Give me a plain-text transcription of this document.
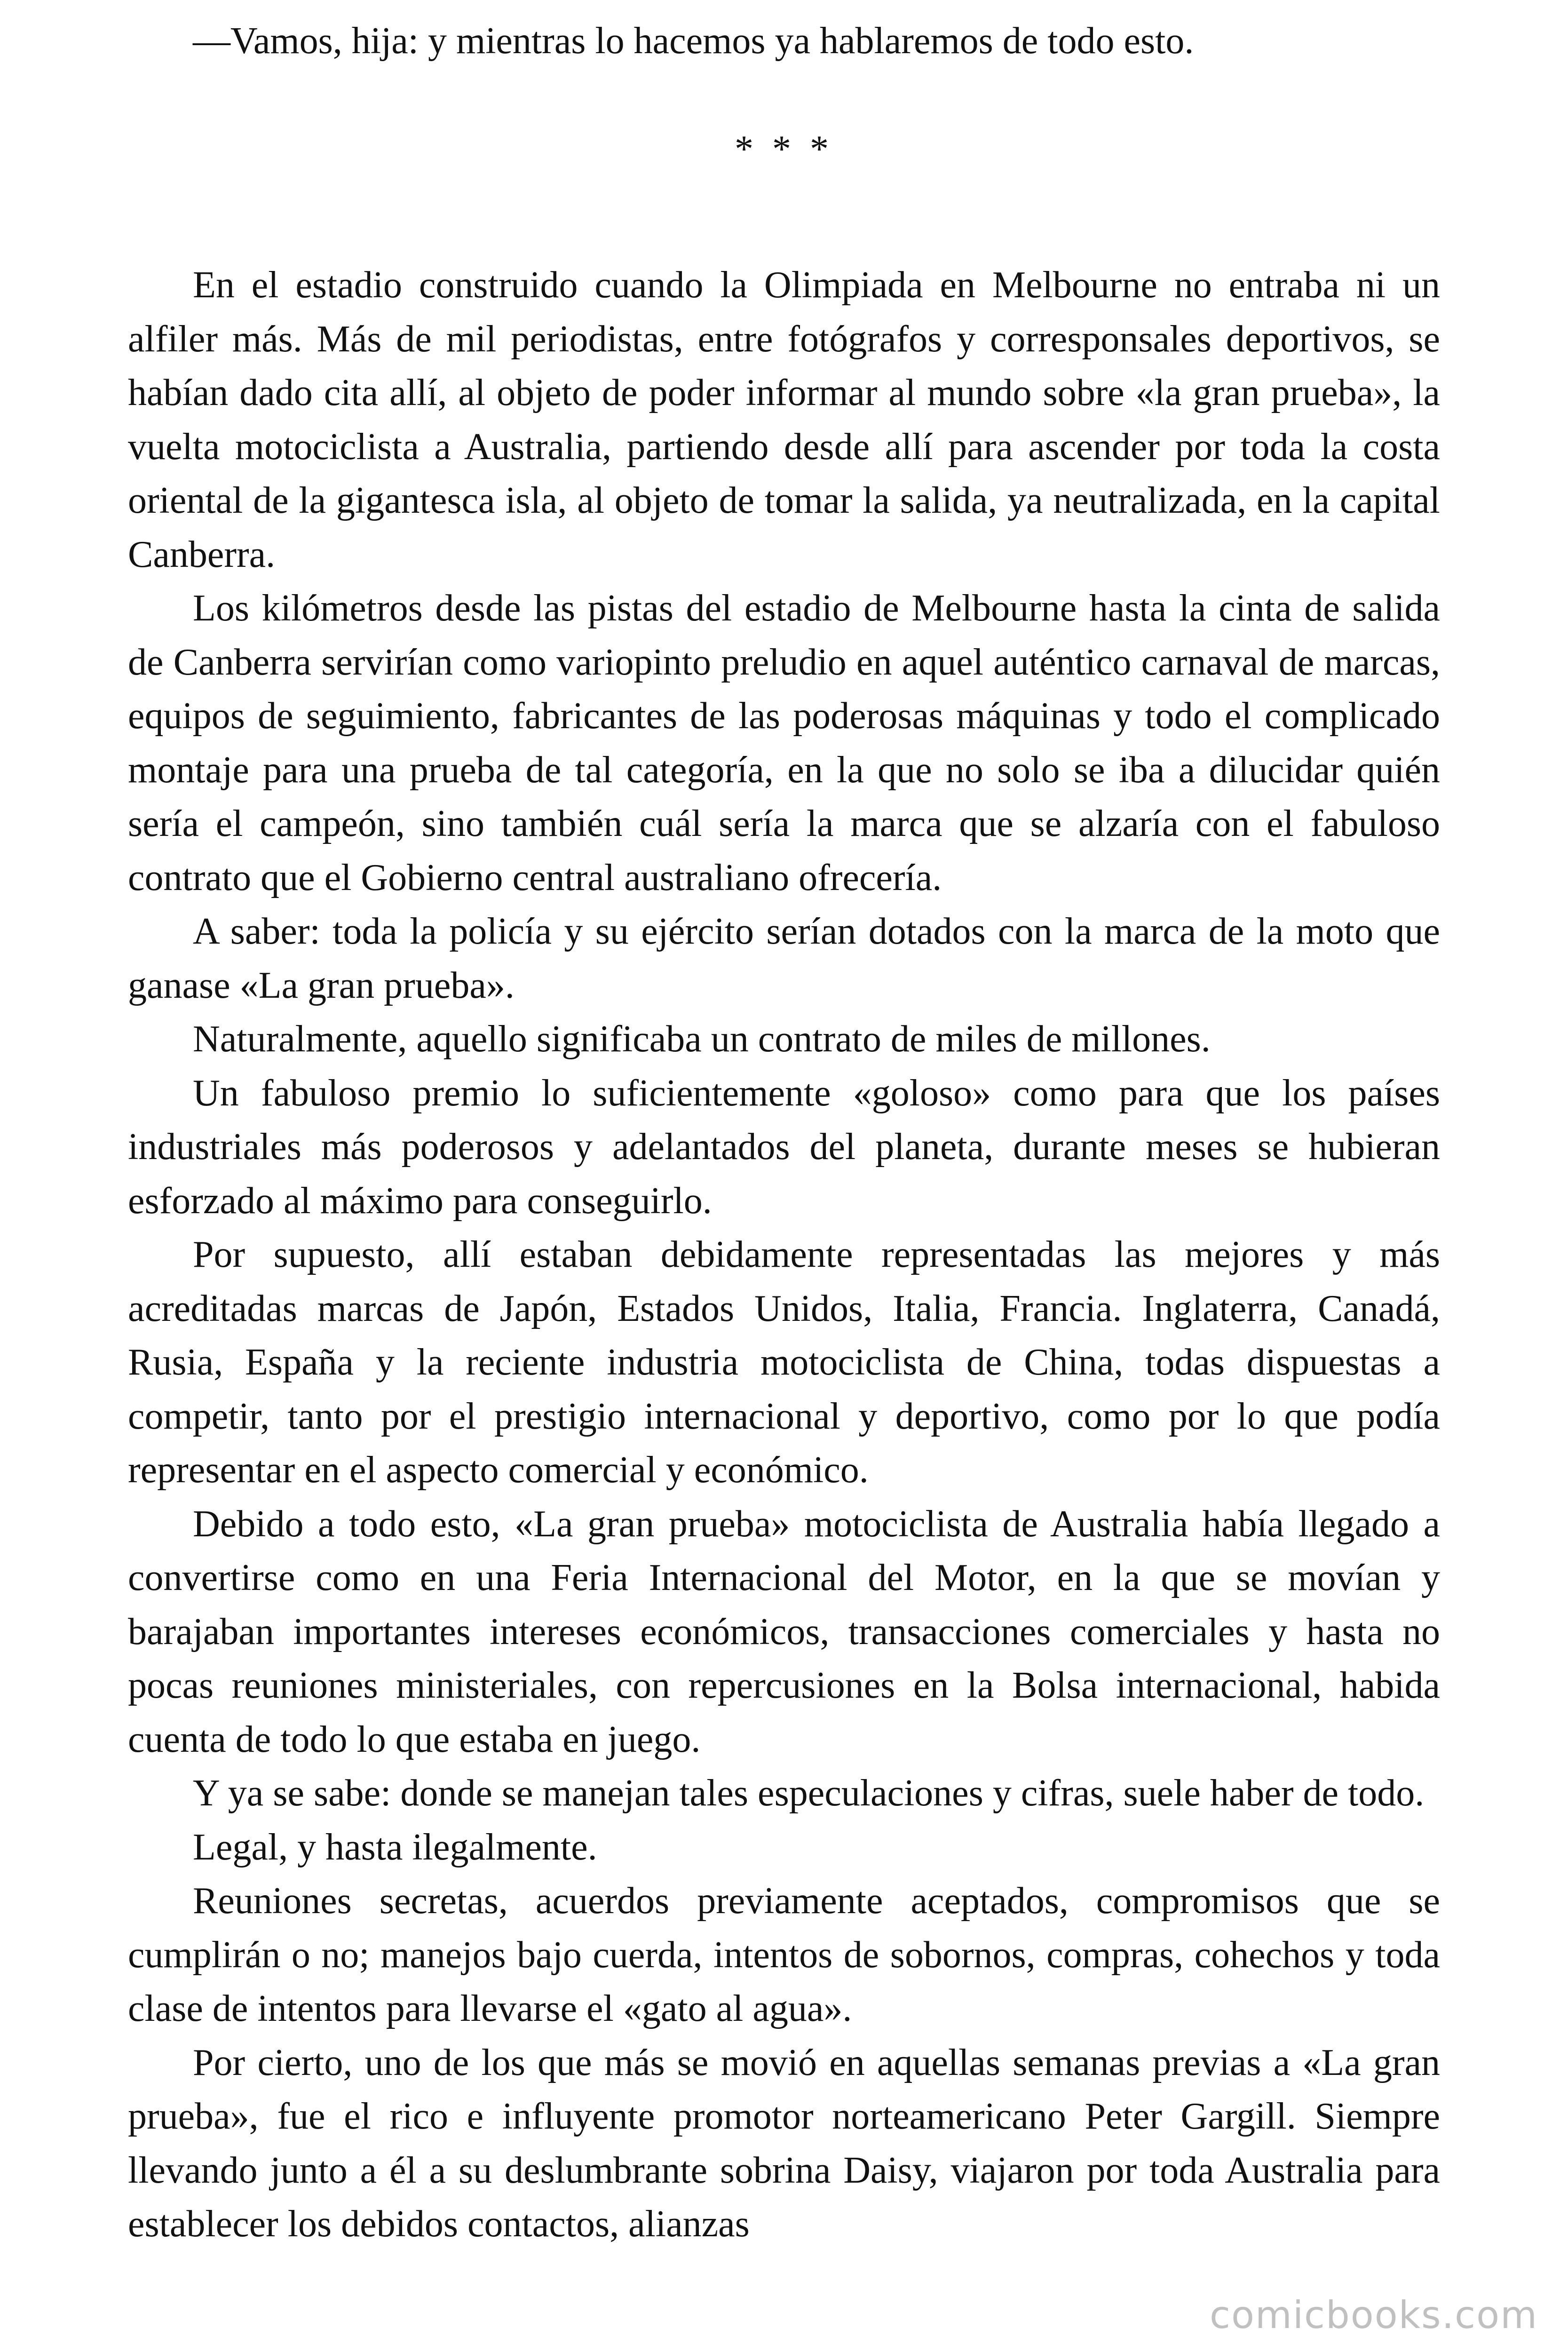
—Vamos, hija: y mientras lo hacemos ya hablaremos de todo esto.

* * *

En el estadio construido cuando la Olimpiada en Melbourne no entraba ni un alfiler más. Más de mil periodistas, entre fotógrafos y corresponsales deportivos, se habían dado cita allí, al objeto de poder informar al mundo sobre «la gran prueba», la vuelta motociclista a Australia, partiendo desde allí para ascender por toda la costa oriental de la gigantesca isla, al objeto de tomar la salida, ya neutralizada, en la capital Canberra.

Los kilómetros desde las pistas del estadio de Melbourne hasta la cinta de salida de Canberra servirían como variopinto preludio en aquel auténtico carnaval de marcas, equipos de seguimiento, fabricantes de las poderosas máquinas y todo el complicado montaje para una prueba de tal categoría, en la que no solo se iba a dilucidar quién sería el campeón, sino también cuál sería la marca que se alzaría con el fabuloso contrato que el Gobierno central australiano ofrecería.

A saber: toda la policía y su ejército serían dotados con la marca de la moto que ganase «La gran prueba».

Naturalmente, aquello significaba un contrato de miles de millones.

Un fabuloso premio lo suficientemente «goloso» como para que los países industriales más poderosos y adelantados del planeta, durante meses se hubieran esforzado al máximo para conseguirlo.

Por supuesto, allí estaban debidamente representadas las mejores y más acreditadas marcas de Japón, Estados Unidos, Italia, Francia. Inglaterra, Canadá, Rusia, España y la reciente industria motociclista de China, todas dispuestas a competir, tanto por el prestigio internacional y deportivo, como por lo que podía representar en el aspecto comercial y económico.

Debido a todo esto, «La gran prueba» motociclista de Australia había llegado a convertirse como en una Feria Internacional del Motor, en la que se movían y barajaban importantes intereses económicos, transacciones comerciales y hasta no pocas reuniones ministeriales, con repercusiones en la Bolsa internacional, habida cuenta de todo lo que estaba en juego.

Y ya se sabe: donde se manejan tales especulaciones y cifras, suele haber de todo.

Legal, y hasta ilegalmente.

Reuniones secretas, acuerdos previamente aceptados, compromisos que se cumplirán o no; manejos bajo cuerda, intentos de sobornos, compras, cohechos y toda clase de intentos para llevarse el «gato al agua».

Por cierto, uno de los que más se movió en aquellas semanas previas a «La gran prueba», fue el rico e influyente promotor norteamericano Peter Gargill. Siempre llevando junto a él a su deslumbrante sobrina Daisy, viajaron por toda Australia para establecer los debidos contactos, alianzas

comicbooks.com
